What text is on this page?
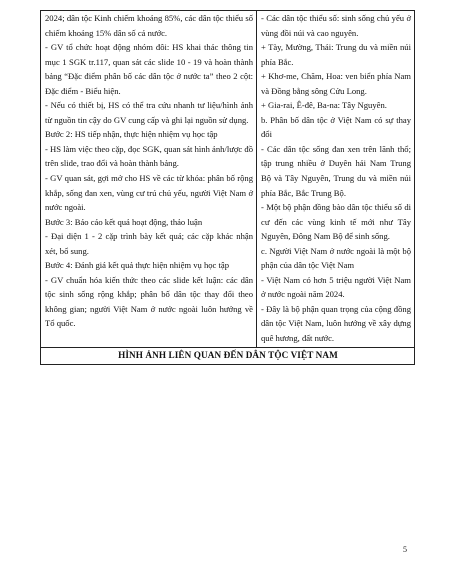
2024; dân tộc Kinh chiếm khoảng 85%, các dân tộc thiểu số chiếm khoảng 15% dân số cả nước.
- GV tổ chức hoạt động nhóm đôi: HS khai thác thông tin mục 1 SGK tr.117, quan sát các slide 10 - 19 và hoàn thành bảng “Đặc điểm phân bố các dân tộc ở nước ta” theo 2 cột: Đặc điểm - Biểu hiện.
- Nếu có thiết bị, HS có thể tra cứu nhanh tư liệu/hình ảnh từ nguồn tin cậy do GV cung cấp và ghi lại nguồn sử dụng.
Bước 2: HS tiếp nhận, thực hiện nhiệm vụ học tập
- HS làm việc theo cặp, đọc SGK, quan sát hình ảnh/lược đồ trên slide, trao đổi và hoàn thành bảng.
- GV quan sát, gợi mở cho HS về các từ khóa: phân bố rộng khắp, sống đan xen, vùng cư trú chủ yếu, người Việt Nam ở nước ngoài.
Bước 3: Báo cáo kết quả hoạt động, thảo luận
- Đại diện 1 - 2 cặp trình bày kết quả; các cặp khác nhận xét, bổ sung.
Bước 4: Đánh giá kết quả thực hiện nhiệm vụ học tập
- GV chuẩn hóa kiến thức theo các slide kết luận: các dân tộc sinh sống rộng khắp; phân bố dân tộc thay đổi theo không gian; người Việt Nam ở nước ngoài luôn hướng về Tổ quốc.

- Các dân tộc thiểu số: sinh sống chủ yếu ở vùng đồi núi và cao nguyên.
+ Tày, Mường, Thái: Trung du và miền núi phía Bắc.
+ Khơ-me, Chăm, Hoa: ven biển phía Nam và Đồng bằng sông Cửu Long.
+ Gia-rai, Ê-đê, Ba-na: Tây Nguyên.
b. Phân bố dân tộc ở Việt Nam có sự thay đổi
- Các dân tộc sống đan xen trên lãnh thổ; tập trung nhiều ở Duyên hải Nam Trung Bộ và Tây Nguyên, Trung du và miền núi phía Bắc, Bắc Trung Bộ.
- Một bộ phận đồng bào dân tộc thiểu số di cư đến các vùng kinh tế mới như Tây Nguyên, Đông Nam Bộ để sinh sống.
c. Người Việt Nam ở nước ngoài là một bộ phận của dân tộc Việt Nam
- Việt Nam có hơn 5 triệu người Việt Nam ở nước ngoài năm 2024.
- Đây là bộ phận quan trọng của cộng đồng dân tộc Việt Nam, luôn hướng về xây dựng quê hương, đất nước.

HÌNH ẢNH LIÊN QUAN ĐẾN DÂN TỘC VIỆT NAM
5
